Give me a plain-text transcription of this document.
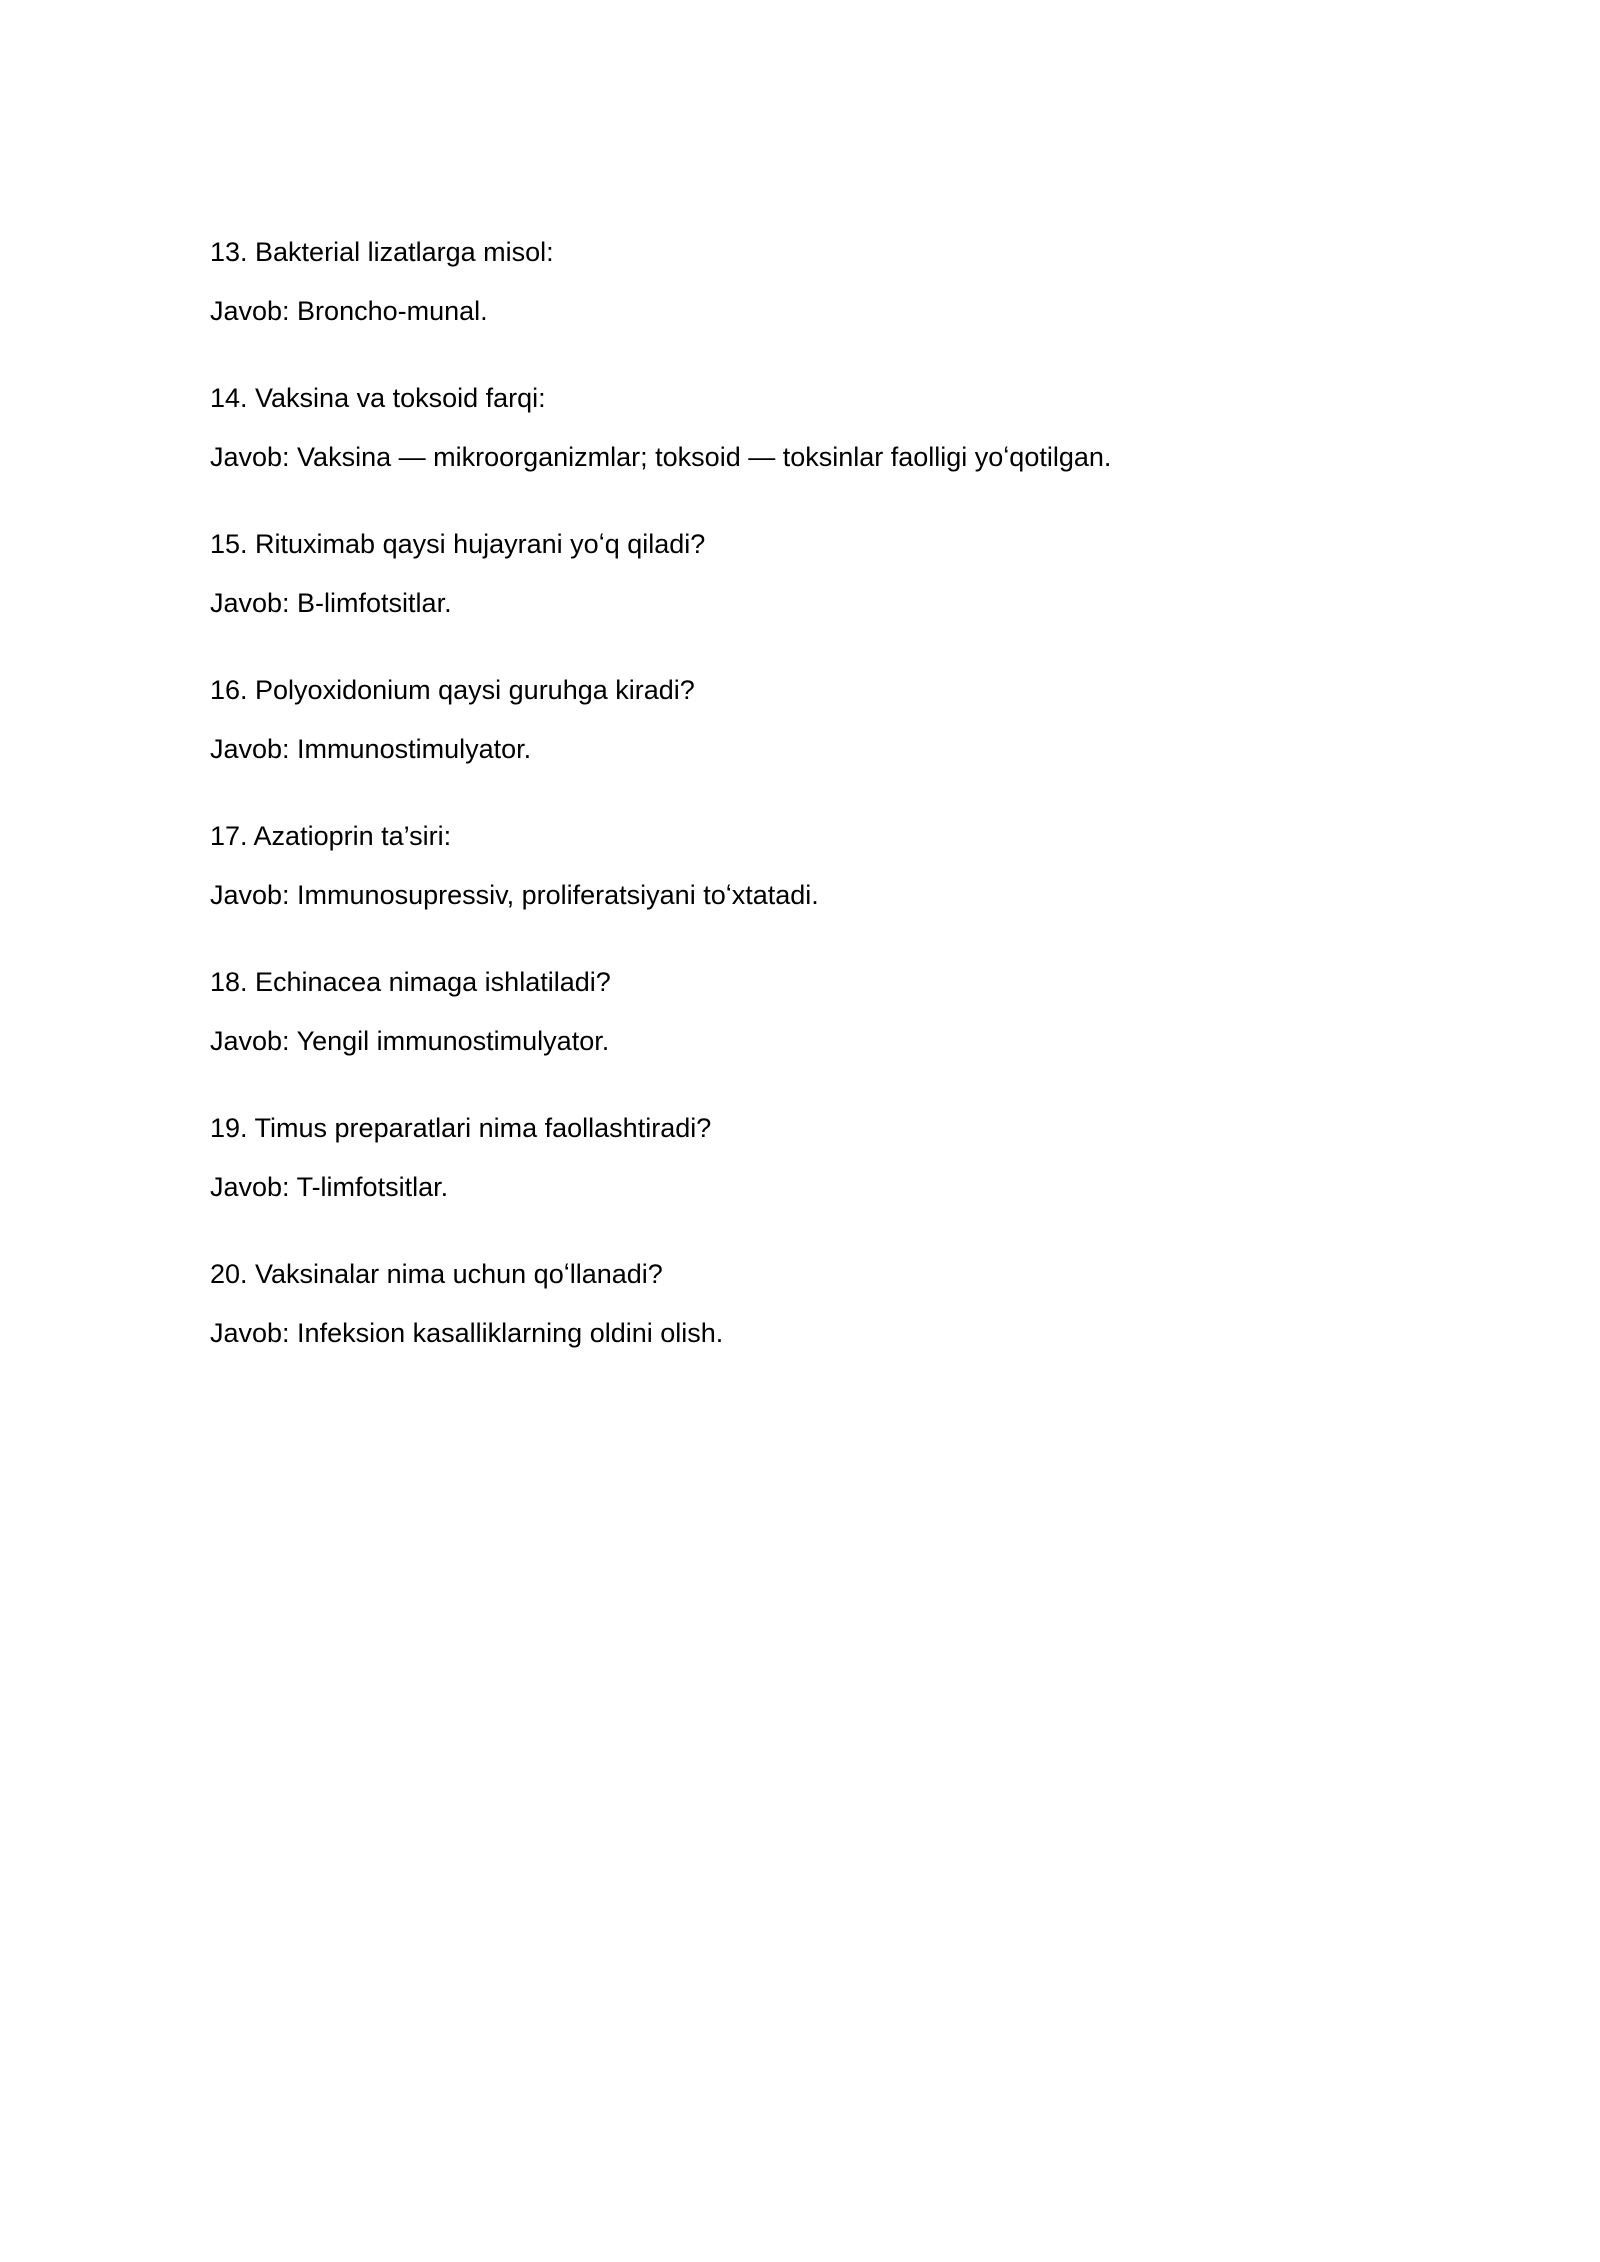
13. Bakterial lizatlarga misol:

Javob: Broncho-munal.

14. Vaksina va toksoid farqi:

Javob: Vaksina — mikroorganizmlar; toksoid — toksinlar faolligi yoʻqotilgan.

15. Rituximab qaysi hujayrani yoʻq qiladi?

Javob: B-limfotsitlar.

16. Polyoxidonium qaysi guruhga kiradi?

Javob: Immunostimulyator.

17. Azatioprin ta’siri:

Javob: Immunosupressiv, proliferatsiyani toʻxtatadi.

18. Echinacea nimaga ishlatiladi?

Javob: Yengil immunostimulyator.

19. Timus preparatlari nima faollashtiradi?

Javob: T-limfotsitlar.

20. Vaksinalar nima uchun qoʻllanadi?

Javob: Infeksion kasalliklarning oldini olish.
